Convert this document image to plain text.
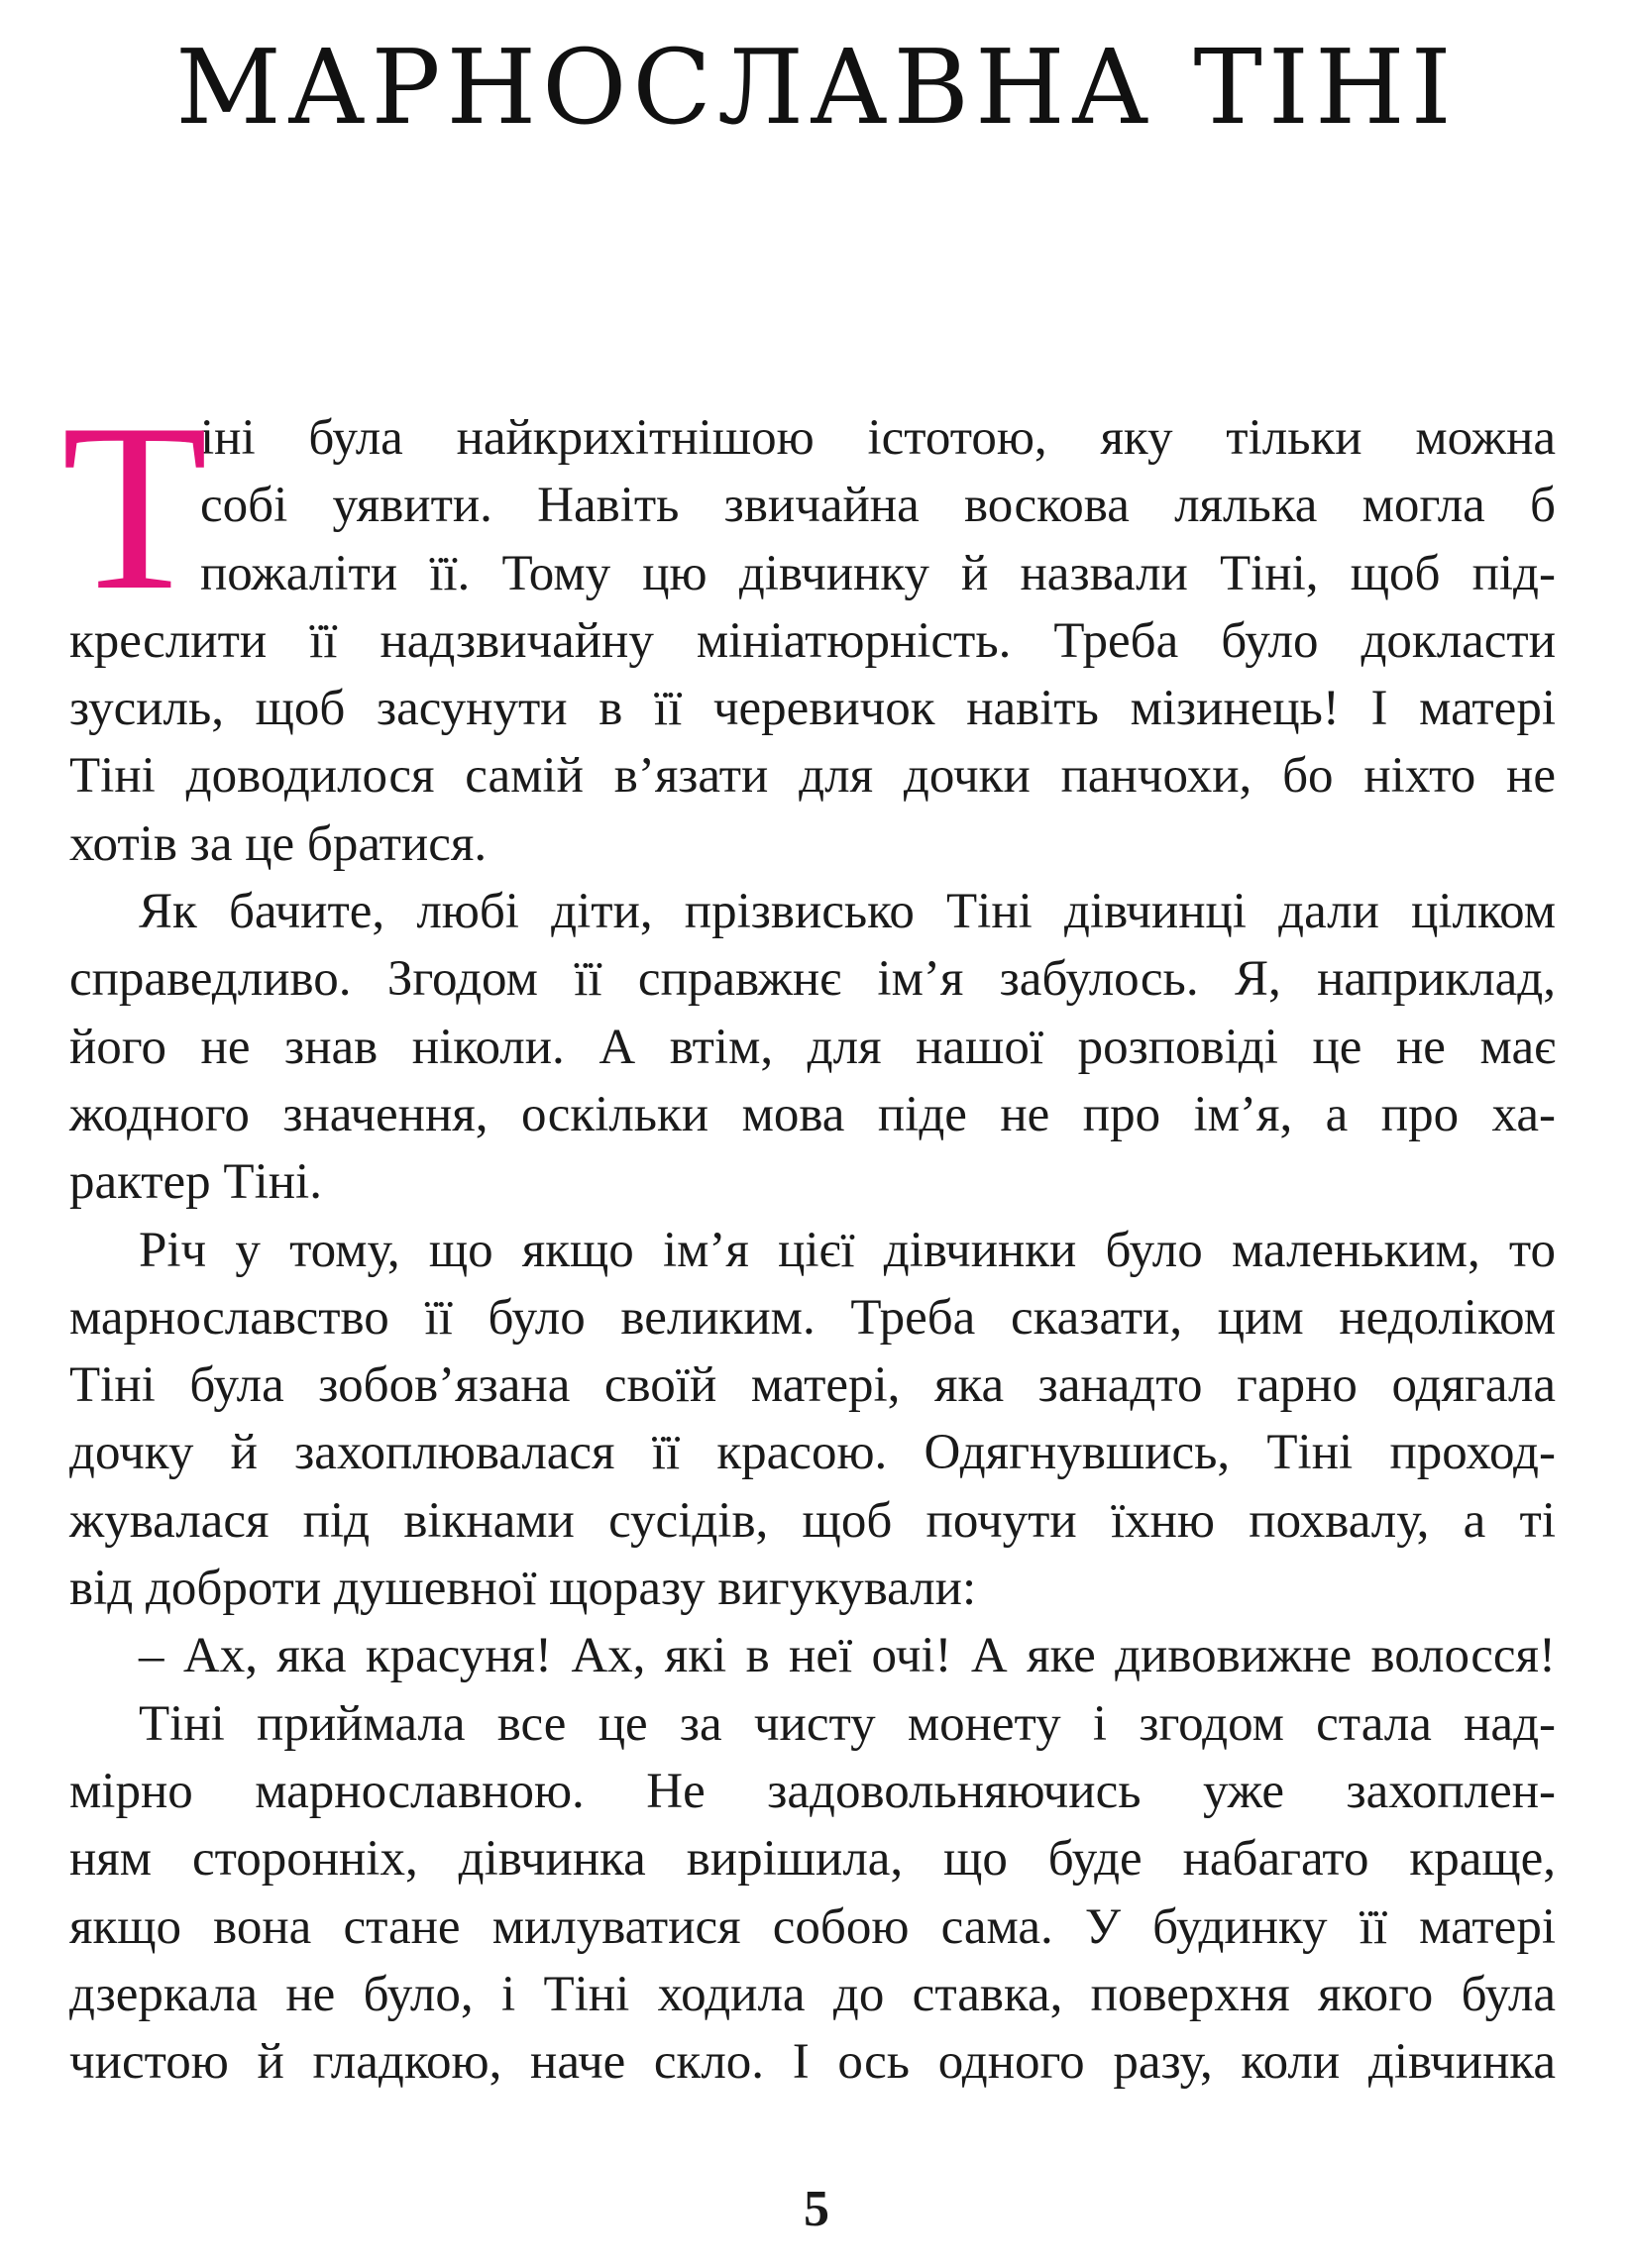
МАРНОСЛАВНА ТІНІ
Т
іні була найкрихітнішою істотою, яку тільки можна
собі уявити. Навіть звичайна воскова лялька могла б
пожаліти її. Тому цю дівчинку й назвали Тіні, щоб під-
креслити її надзвичайну мініатюрність. Треба було докласти
зусиль, щоб засунути в її черевичок навіть мізинець! І матері
Тіні доводилося самій в’язати для дочки панчохи, бо ніхто не
хотів за це братися.
Як бачите, любі діти, прізвисько Тіні дівчинці дали цілком
справедливо. Згодом її справжнє ім’я забулось. Я, наприклад,
його не знав ніколи. А втім, для нашої розповіді це не має
жодного значення, оскільки мова піде не про ім’я, а про ха-
рактер Тіні.
Річ у тому, що якщо ім’я цієї дівчинки було маленьким, то
марнославство її було великим. Треба сказати, цим недоліком
Тіні була зобов’язана своїй матері, яка занадто гарно одягала
дочку й захоплювалася її красою. Одягнувшись, Тіні проход-
жувалася під вікнами сусідів, щоб почути їхню похвалу, а ті
від доброти душевної щоразу вигукували:
– Ах, яка красуня! Ах, які в неї очі! А яке дивовижне волосся!
Тіні приймала все це за чисту монету і згодом стала над-
мірно марнославною. Не задовольняючись уже захоплен-
ням сторонніх, дівчинка вирішила, що буде набагато краще,
якщо вона стане милуватися собою сама. У будинку її матері
дзеркала не було, і Тіні ходила до ставка, поверхня якого була
чистою й гладкою, наче скло. І ось одного разу, коли дівчинка
5
